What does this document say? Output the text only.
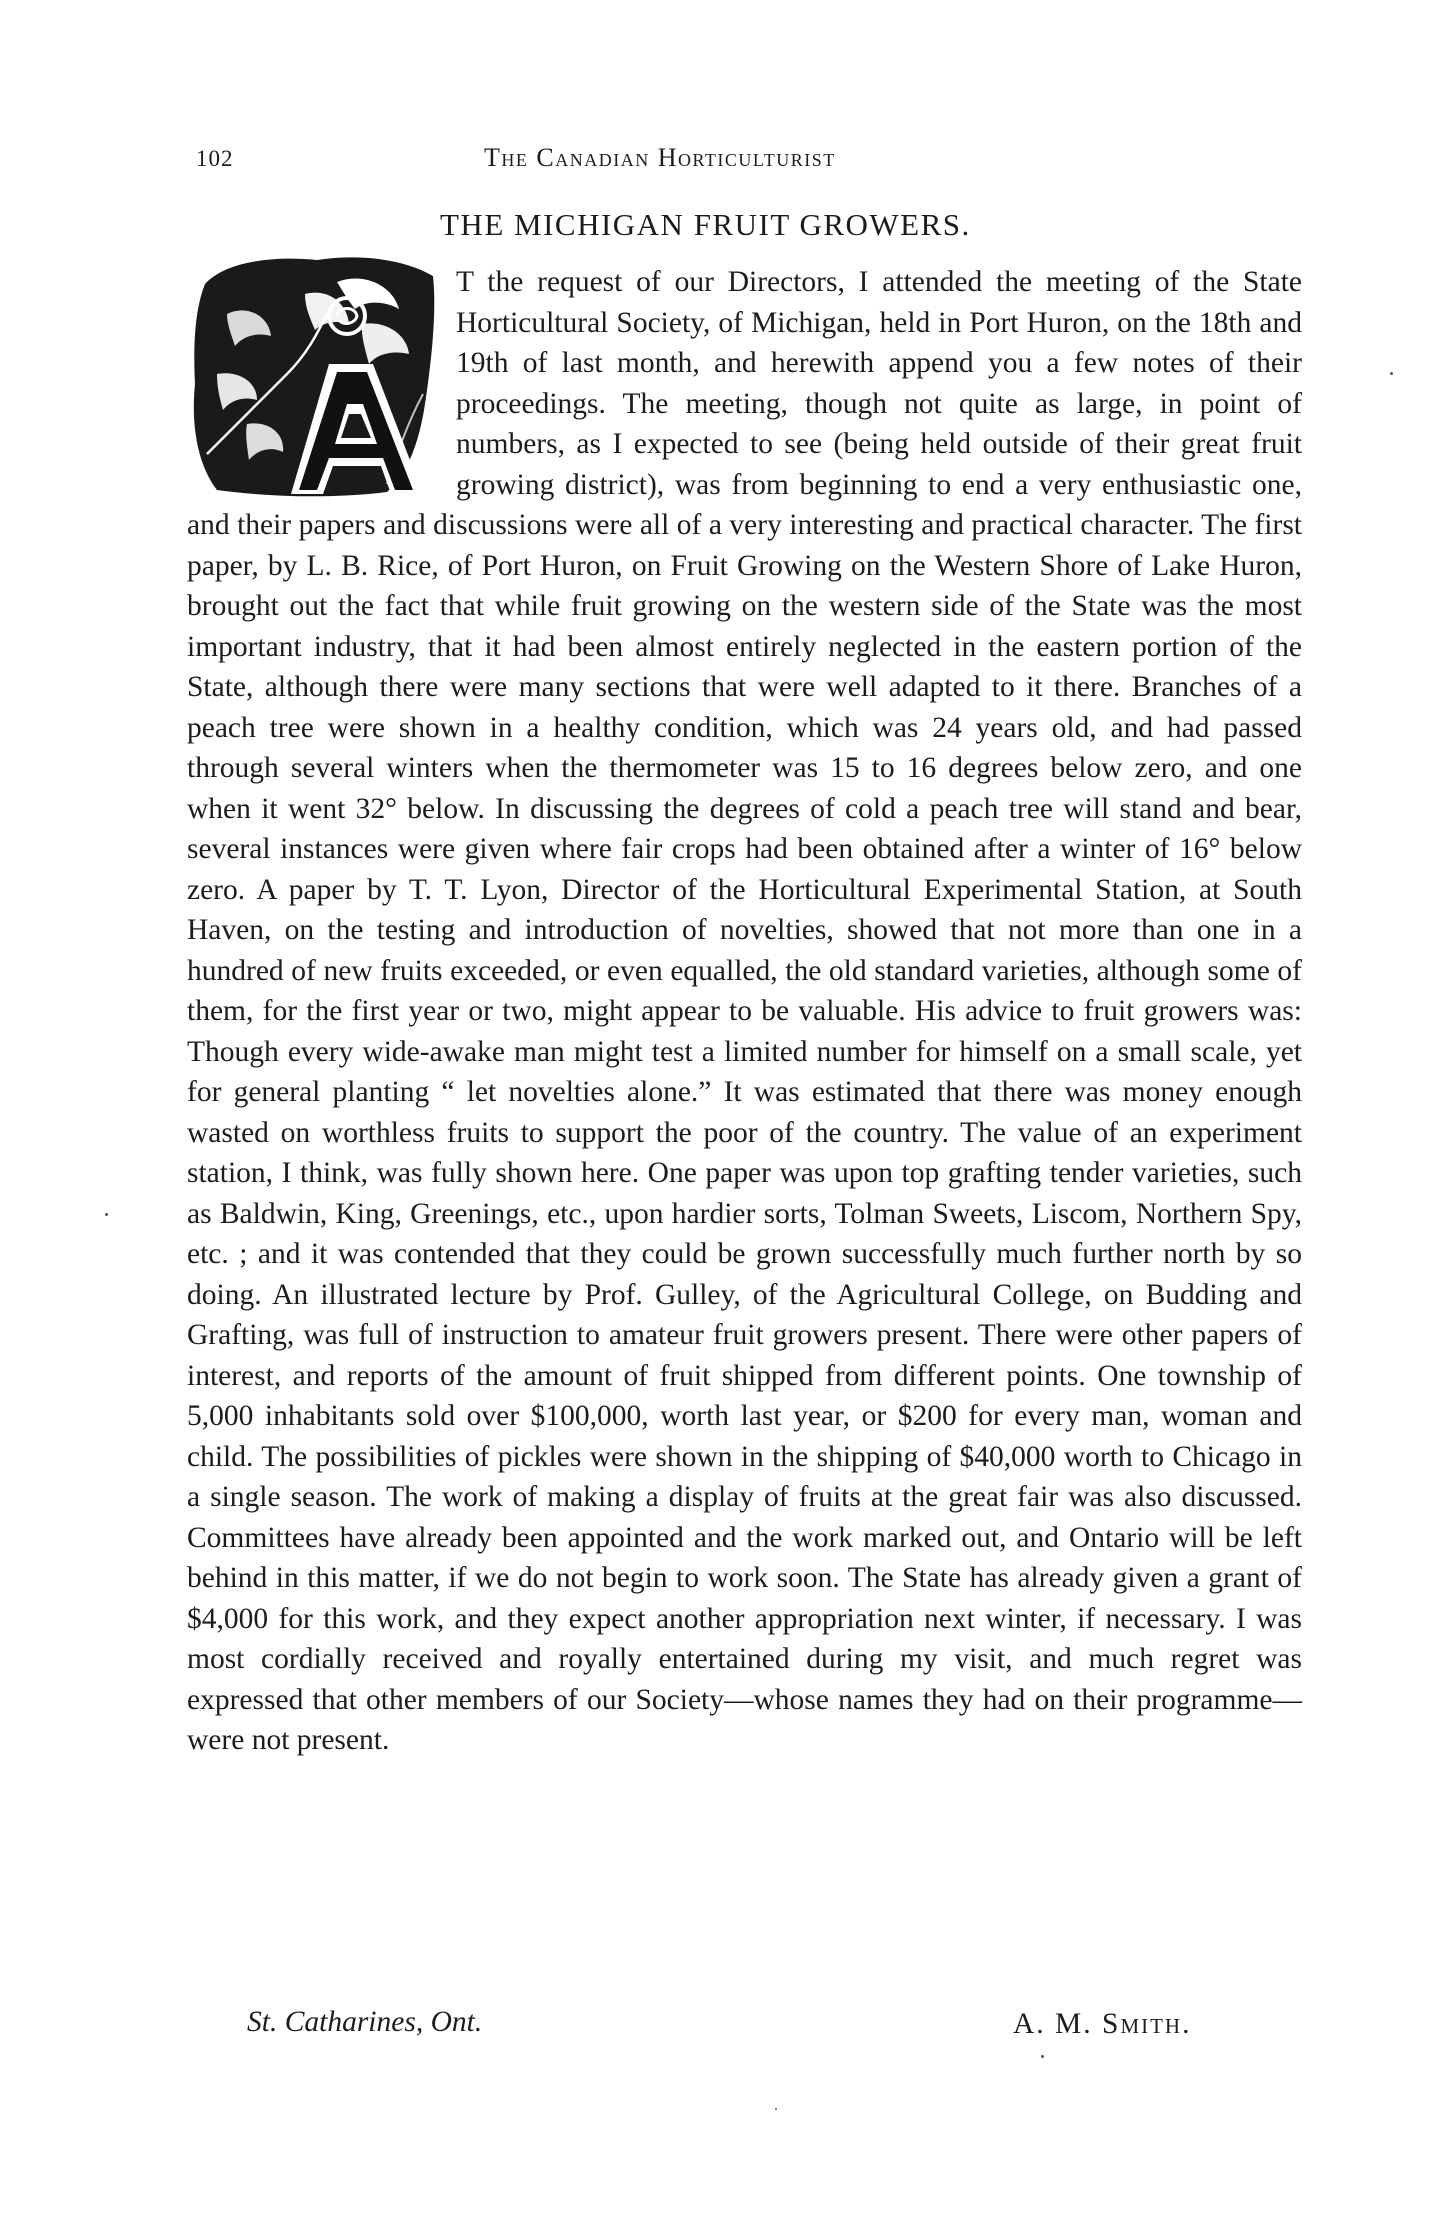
102	The Canadian Horticulturist
THE MICHIGAN FRUIT GROWERS.
T the request of our Directors, I attended the meeting of the State Horticultural Society, of Michigan, held in Port Huron, on the 18th and 19th of last month, and herewith append you a few notes of their proceedings. The meeting, though not quite as large, in point of numbers, as I expected to see (being held outside of their great fruit growing district), was from beginning to end a very enthusiastic one, and their papers and discussions were all of a very interesting and practical character. The first paper, by L. B. Rice, of Port Huron, on Fruit Growing on the Western Shore of Lake Huron, brought out the fact that while fruit growing on the western side of the State was the most important industry, that it had been almost entirely neglected in the eastern portion of the State, although there were many sections that were well adapted to it there. Branches of a peach tree were shown in a healthy condition, which was 24 years old, and had passed through several winters when the thermometer was 15 to 16 degrees below zero, and one when it went 32° below. In discussing the degrees of cold a peach tree will stand and bear, several instances were given where fair crops had been obtained after a winter of 16° below zero. A paper by T. T. Lyon, Director of the Horticultural Experimental Station, at South Haven, on the testing and introduction of novelties, showed that not more than one in a hundred of new fruits exceeded, or even equalled, the old standard varieties, although some of them, for the first year or two, might appear to be valuable. His advice to fruit growers was: Though every wide-awake man might test a limited number for himself on a small scale, yet for general planting “ let novelties alone.” It was estimated that there was money enough wasted on worthless fruits to support the poor of the country. The value of an experiment station, I think, was fully shown here. One paper was upon top grafting tender varieties, such as Baldwin, King, Greenings, etc., upon hardier sorts, Tolman Sweets, Liscom, Northern Spy, etc. ; and it was contended that they could be grown successfully much further north by so doing. An illustrated lecture by Prof. Gulley, of the Agricultural College, on Budding and Grafting, was full of instruction to amateur fruit growers present. There were other papers of interest, and reports of the amount of fruit shipped from different points. One township of 5,000 inhabitants sold over $100,000, worth last year, or $200 for every man, woman and child. The possibilities of pickles were shown in the shipping of $40,000 worth to Chicago in a single season. The work of making a display of fruits at the great fair was also discussed. Committees have already been appointed and the work marked out, and Ontario will be left behind in this matter, if we do not begin to work soon. The State has already given a grant of $4,000 for this work, and they expect another appropriation next winter, if necessary. I was most cordially received and royally entertained during my visit, and much regret was expressed that other members of our Society—whose names they had on their programme—were not present.
St. Catharines, Ont.	A. M. Smith.
